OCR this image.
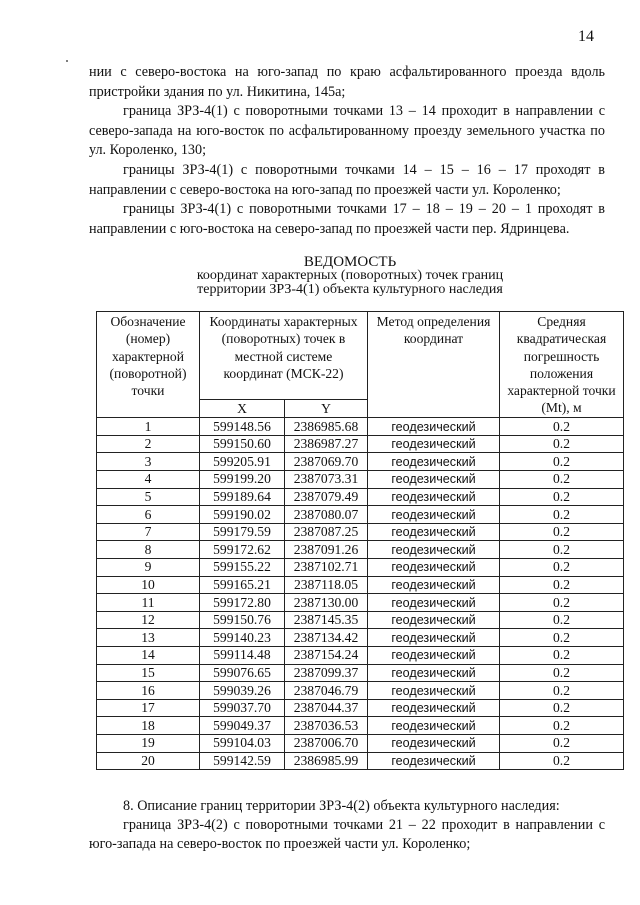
14
нии с северо-востока на юго-запад по краю асфальтированного проезда вдоль пристройки здания по ул. Никитина, 145а;
граница ЗРЗ-4(1) с поворотными точками 13 – 14 проходит в направлении с северо-запада на юго-восток по асфальтированному проезду земельного участка по ул. Короленко, 130;
границы ЗРЗ-4(1) с поворотными точками 14 – 15 – 16 – 17 проходят в направлении с северо-востока на юго-запад по проезжей части ул. Короленко;
границы ЗРЗ-4(1) с поворотными точками 17 – 18 – 19 – 20 – 1 проходят в направлении с юго-востока на северо-запад по проезжей части пер. Ядринцева.
ВЕДОМОСТЬ
координат характерных (поворотных) точек границ
территории ЗРЗ-4(1) объекта культурного наследия
Обозначение (номер) характерной (поворотной) точки	Координаты характерных (поворотных) точек в местной системе координат (МСК-22)		Метод определения координат	Средняя квадратическая погрешность положения характерной точки (Mt), м
	X	Y		
1	599148.56	2386985.68	геодезический	0.2
2	599150.60	2386987.27	геодезический	0.2
3	599205.91	2387069.70	геодезический	0.2
4	599199.20	2387073.31	геодезический	0.2
5	599189.64	2387079.49	геодезический	0.2
6	599190.02	2387080.07	геодезический	0.2
7	599179.59	2387087.25	геодезический	0.2
8	599172.62	2387091.26	геодезический	0.2
9	599155.22	2387102.71	геодезический	0.2
10	599165.21	2387118.05	геодезический	0.2
11	599172.80	2387130.00	геодезический	0.2
12	599150.76	2387145.35	геодезический	0.2
13	599140.23	2387134.42	геодезический	0.2
14	599114.48	2387154.24	геодезический	0.2
15	599076.65	2387099.37	геодезический	0.2
16	599039.26	2387046.79	геодезический	0.2
17	599037.70	2387044.37	геодезический	0.2
18	599049.37	2387036.53	геодезический	0.2
19	599104.03	2387006.70	геодезический	0.2
20	599142.59	2386985.99	геодезический	0.2
8. Описание границ территории ЗРЗ-4(2) объекта культурного наследия:
граница ЗРЗ-4(2) с поворотными точками 21 – 22 проходит в направлении с юго-запада на северо-восток по проезжей части ул. Короленко;
